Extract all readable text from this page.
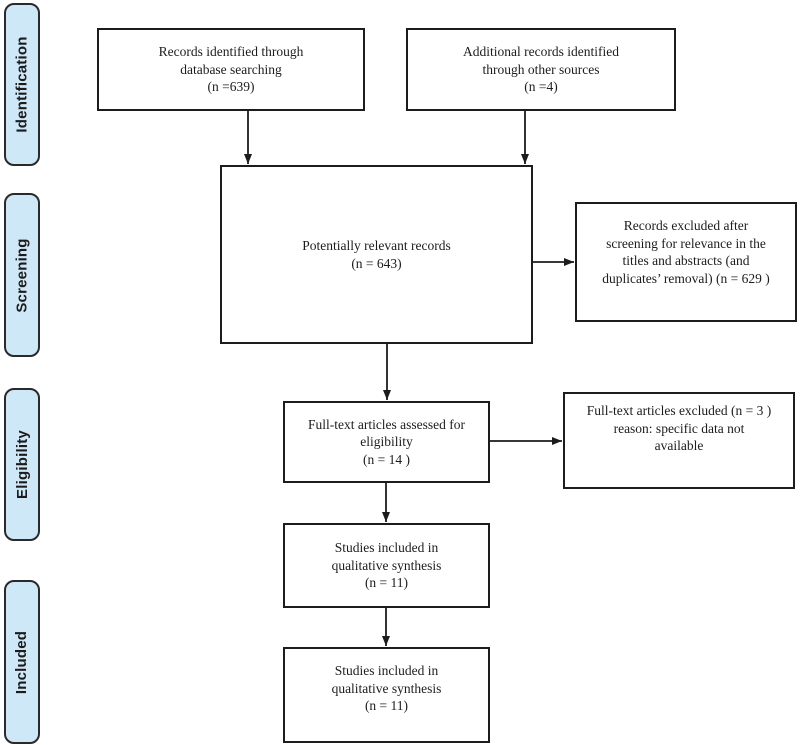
Identification
Screening
Eligibility
Included
Records identified through
database searching
(n =639)
Additional records identified
through other sources
(n =4)
Potentially relevant records
(n = 643)
Records excluded after
screening for relevance in the
titles and abstracts (and
duplicates’ removal) (n = 629 )
Full-text articles assessed for
eligibility
(n = 14 )
Full-text articles excluded (n = 3 )
reason: specific data not
available
Studies included in
qualitative synthesis
(n = 11)
Studies included in
qualitative synthesis
(n = 11)
